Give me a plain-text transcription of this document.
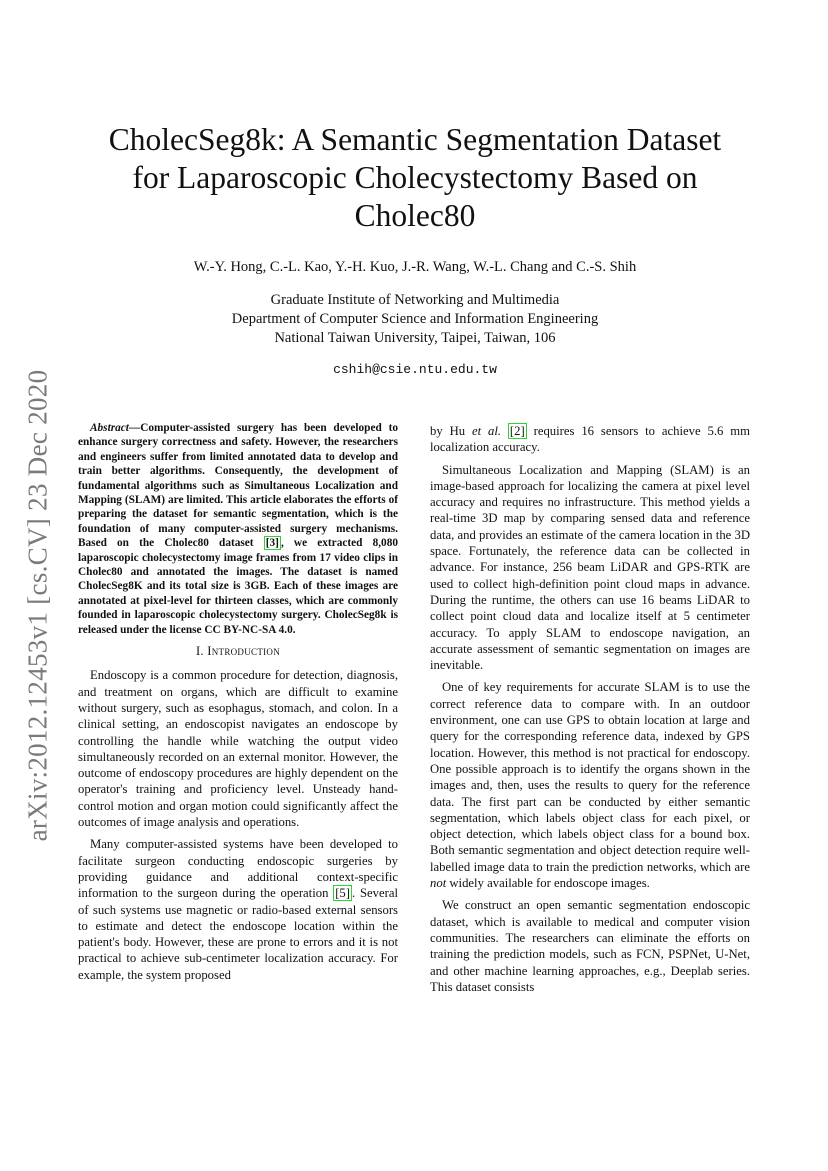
arXiv:2012.12453v1 [cs.CV] 23 Dec 2020
CholecSeg8k: A Semantic Segmentation Dataset
for Laparoscopic Cholecystectomy Based on
Cholec80

W.-Y. Hong, C.-L. Kao, Y.-H. Kuo, J.-R. Wang, W.-L. Chang and C.-S. Shih

Graduate Institute of Networking and Multimedia
Department of Computer Science and Information Engineering
National Taiwan University, Taipei, Taiwan, 106
cshih@csie.ntu.edu.tw

Abstract—Computer-assisted surgery has been developed to enhance surgery correctness and safety. However, the researchers and engineers suffer from limited annotated data to develop and train better algorithms. Consequently, the development of fundamental algorithms such as Simultaneous Localization and Mapping (SLAM) are limited. This article elaborates the efforts of preparing the dataset for semantic segmentation, which is the foundation of many computer-assisted surgery mechanisms. Based on the Cholec80 dataset [3] , we extracted 8,080 laparoscopic cholecystectomy image frames from 17 video clips in Cholec80 and annotated the images. The dataset is named CholecSeg8K and its total size is 3GB. Each of these images are annotated at pixel-level for thirteen classes, which are commonly founded in laparoscopic cholecystectomy surgery. CholecSeg8k is released under the license CC BY-NC-SA 4.0.

I. Introduction

Endoscopy is a common procedure for detection, diagnosis, and treatment on organs, which are difficult to examine without surgery, such as esophagus, stomach, and colon. In a clinical setting, an endoscopist navigates an endoscope by controlling the handle while watching the output video simultaneously recorded on an external monitor. However, the outcome of endoscopy procedures are highly dependent on the operator's training and proficiency level. Unsteady hand-control motion and organ motion could significantly affect the outcomes of image analysis and operations.

Many computer-assisted systems have been developed to facilitate surgeon conducting endoscopic surgeries by providing guidance and additional context-specific information to the surgeon during the operation [5] . Several of such systems use magnetic or radio-based external sensors to estimate and detect the endoscope location within the patient's body. However, these are prone to errors and it is not practical to achieve sub-centimeter localization accuracy. For example, the system proposed

by Hu et al. [2] requires 16 sensors to achieve 5.6 mm localization accuracy.

Simultaneous Localization and Mapping (SLAM) is an image-based approach for localizing the camera at pixel level accuracy and requires no infrastructure. This method yields a real-time 3D map by comparing sensed data and reference data, and provides an estimate of the camera location in the 3D space. Fortunately, the reference data can be collected in advance. For instance, 256 beam LiDAR and GPS-RTK are used to collect high-definition point cloud maps in advance. During the runtime, the others can use 16 beams LiDAR to collect point cloud data and localize itself at 5 centimeter accuracy. To apply SLAM to endoscope navigation, an accurate assessment of semantic segmentation on images are inevitable.

One of key requirements for accurate SLAM is to use the correct reference data to compare with. In an outdoor environment, one can use GPS to obtain location at large and query for the corresponding reference data, indexed by GPS location. However, this method is not practical for endoscopy. One possible approach is to identify the organs shown in the images and, then, uses the results to query for the reference data. The first part can be conducted by either semantic segmentation, which labels object class for each pixel, or object detection, which labels object class for a bound box. Both semantic segmentation and object detection require well-labelled image data to train the prediction networks, which are not widely available for endoscope images.

We construct an open semantic segmentation endoscopic dataset, which is available to medical and computer vision communities. The researchers can eliminate the efforts on training the prediction models, such as FCN, PSPNet, U-Net, and other machine learning approaches, e.g., Deeplab series. This dataset consists
